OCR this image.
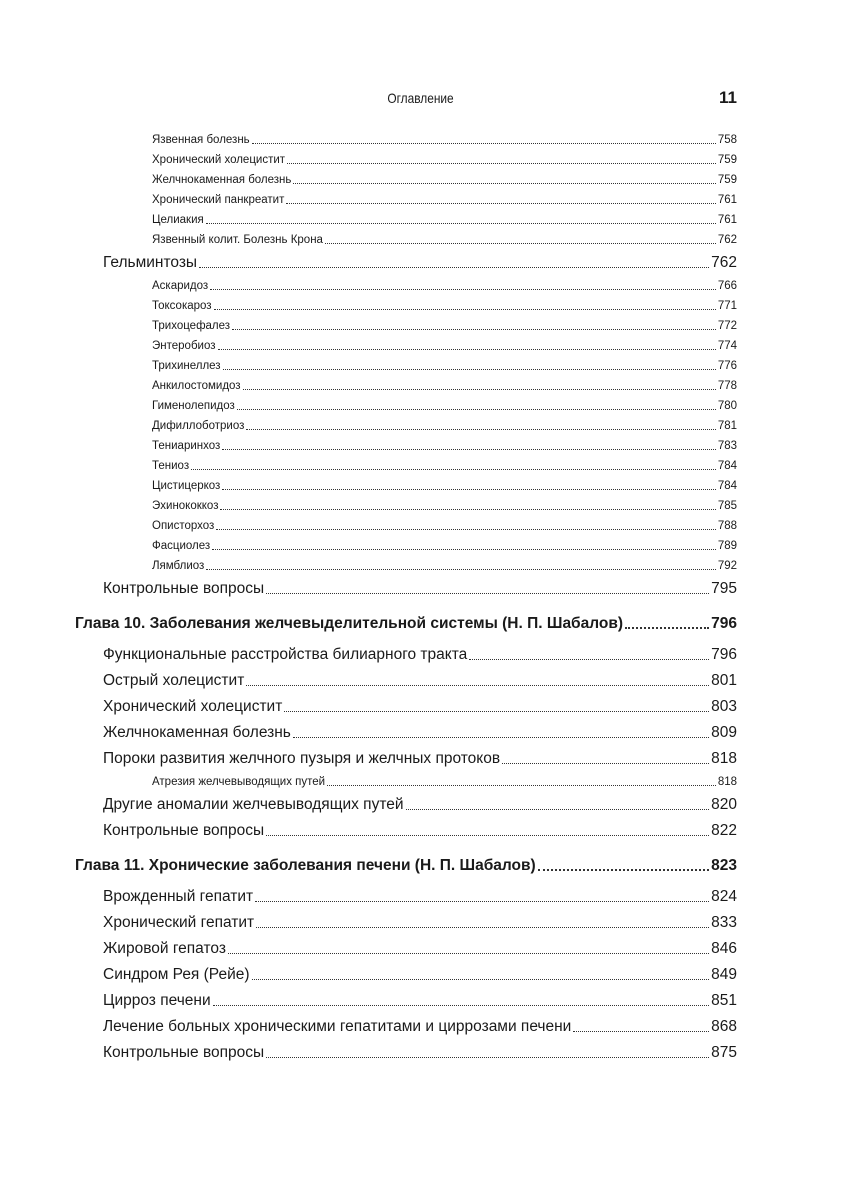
Оглавление	11
Язвенная болезнь	758
Хронический холецистит	759
Желчнокаменная болезнь	759
Хронический панкреатит	761
Целиакия	761
Язвенный колит. Болезнь Крона	762
Гельминтозы	762
Аскаридоз	766
Токсокароз	771
Трихоцефалез	772
Энтеробиоз	774
Трихинеллез	776
Анкилостомидоз	778
Гименолепидоз	780
Дифиллоботриоз	781
Тениаринхоз	783
Тениоз	784
Цистицеркоз	784
Эхинококкоз	785
Описторхоз	788
Фасциолез	789
Лямблиоз	792
Контрольные вопросы	795
Глава 10. Заболевания желчевыделительной системы (Н. П. Шабалов)	796
Функциональные расстройства билиарного тракта	796
Острый холецистит	801
Хронический холецистит	803
Желчнокаменная болезнь	809
Пороки развития желчного пузыря и желчных протоков	818
Атрезия желчевыводящих путей	818
Другие аномалии желчевыводящих путей	820
Контрольные вопросы	822
Глава 11. Хронические заболевания печени (Н. П. Шабалов)	823
Врожденный гепатит	824
Хронический гепатит	833
Жировой гепатоз	846
Синдром Рея (Рейе)	849
Цирроз печени	851
Лечение больных хроническими гепатитами и циррозами печени	868
Контрольные вопросы	875
